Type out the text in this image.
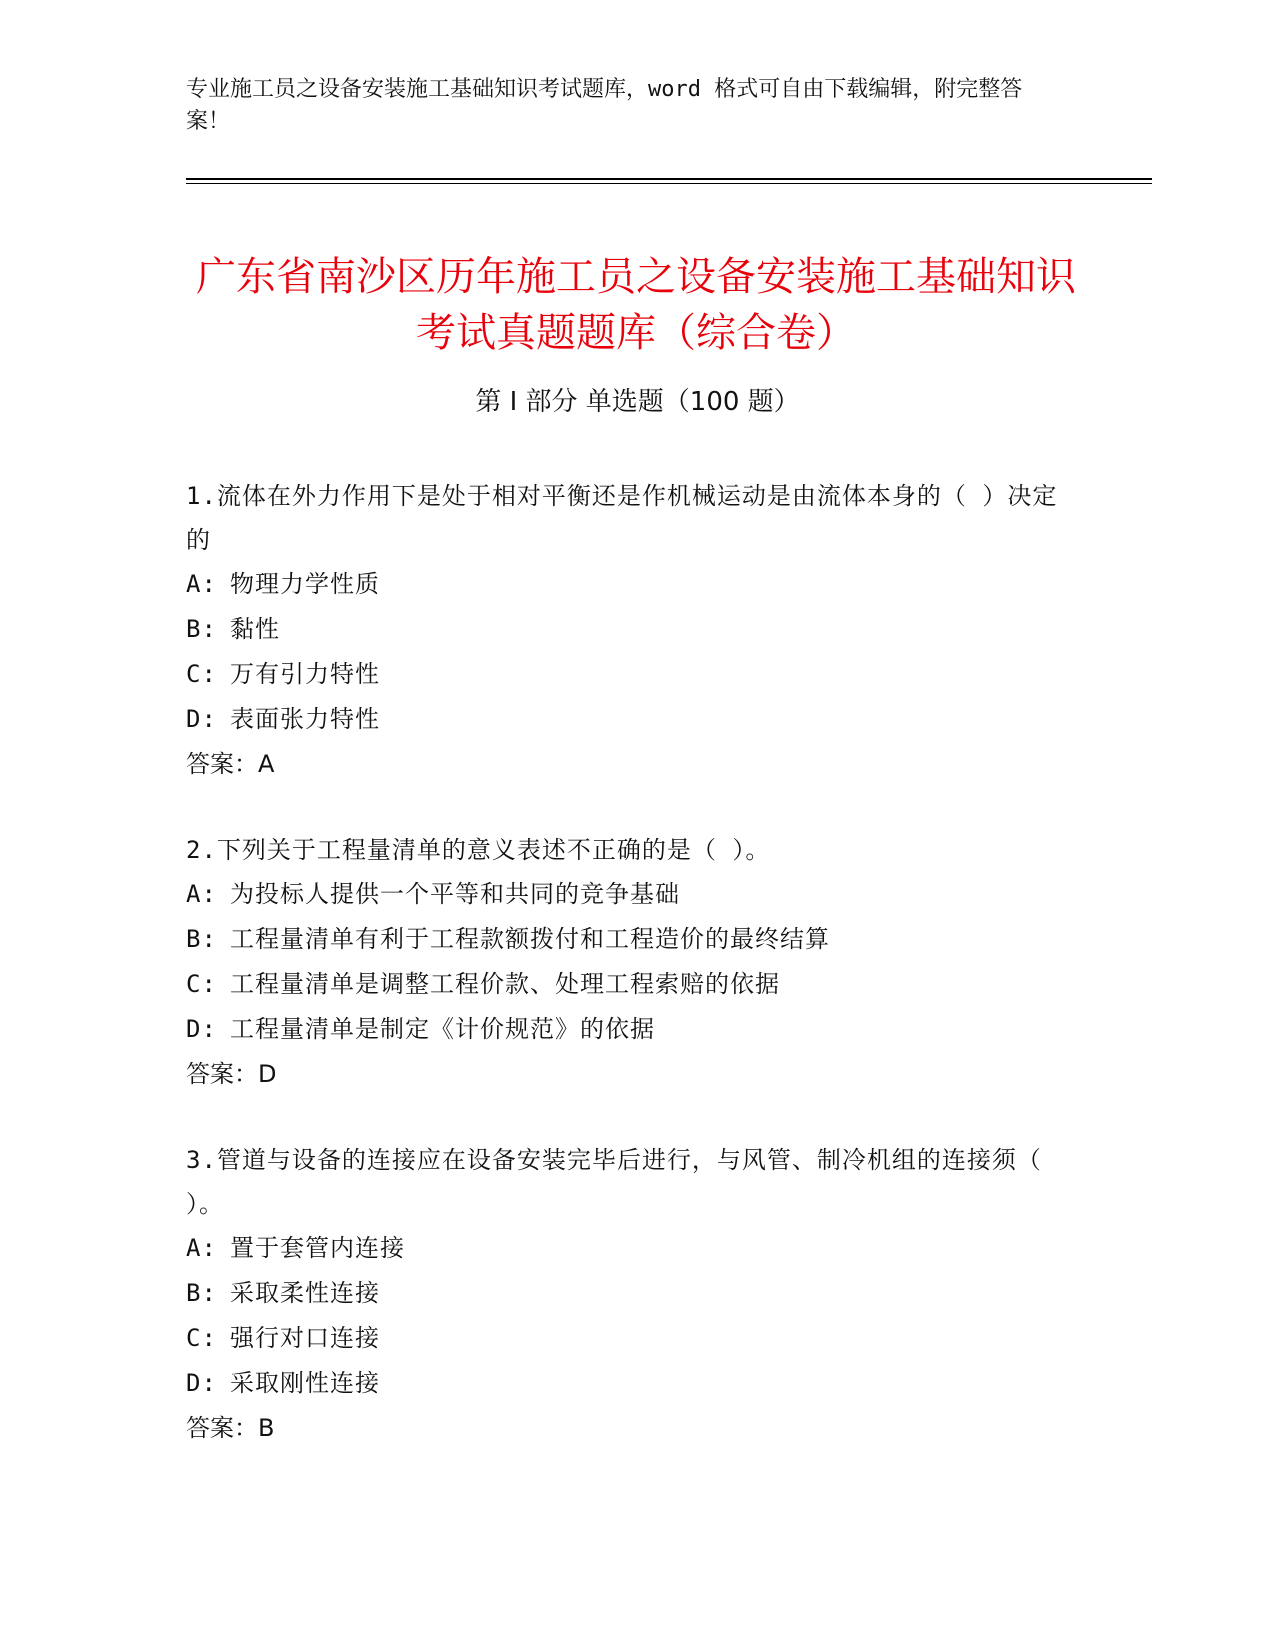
专业施工员之设备安装施工基础知识考试题库，word 格式可自由下载编辑，附完整答案！
广东省南沙区历年施工员之设备安装施工基础知识考试真题题库（综合卷）
第 I 部分 单选题（100 题）
1.流体在外力作用下是处于相对平衡还是作机械运动是由流体本身的（ ）决定的
A: 物理力学性质
B: 黏性
C: 万有引力特性
D: 表面张力特性
答案：A
2.下列关于工程量清单的意义表述不正确的是（ ）。
A: 为投标人提供一个平等和共同的竞争基础
B: 工程量清单有利于工程款额拨付和工程造价的最终结算
C: 工程量清单是调整工程价款、处理工程索赔的依据
D: 工程量清单是制定《计价规范》的依据
答案：D
3.管道与设备的连接应在设备安装完毕后进行，与风管、制冷机组的连接须（ ）。
A: 置于套管内连接
B: 采取柔性连接
C: 强行对口连接
D: 采取刚性连接
答案：B
